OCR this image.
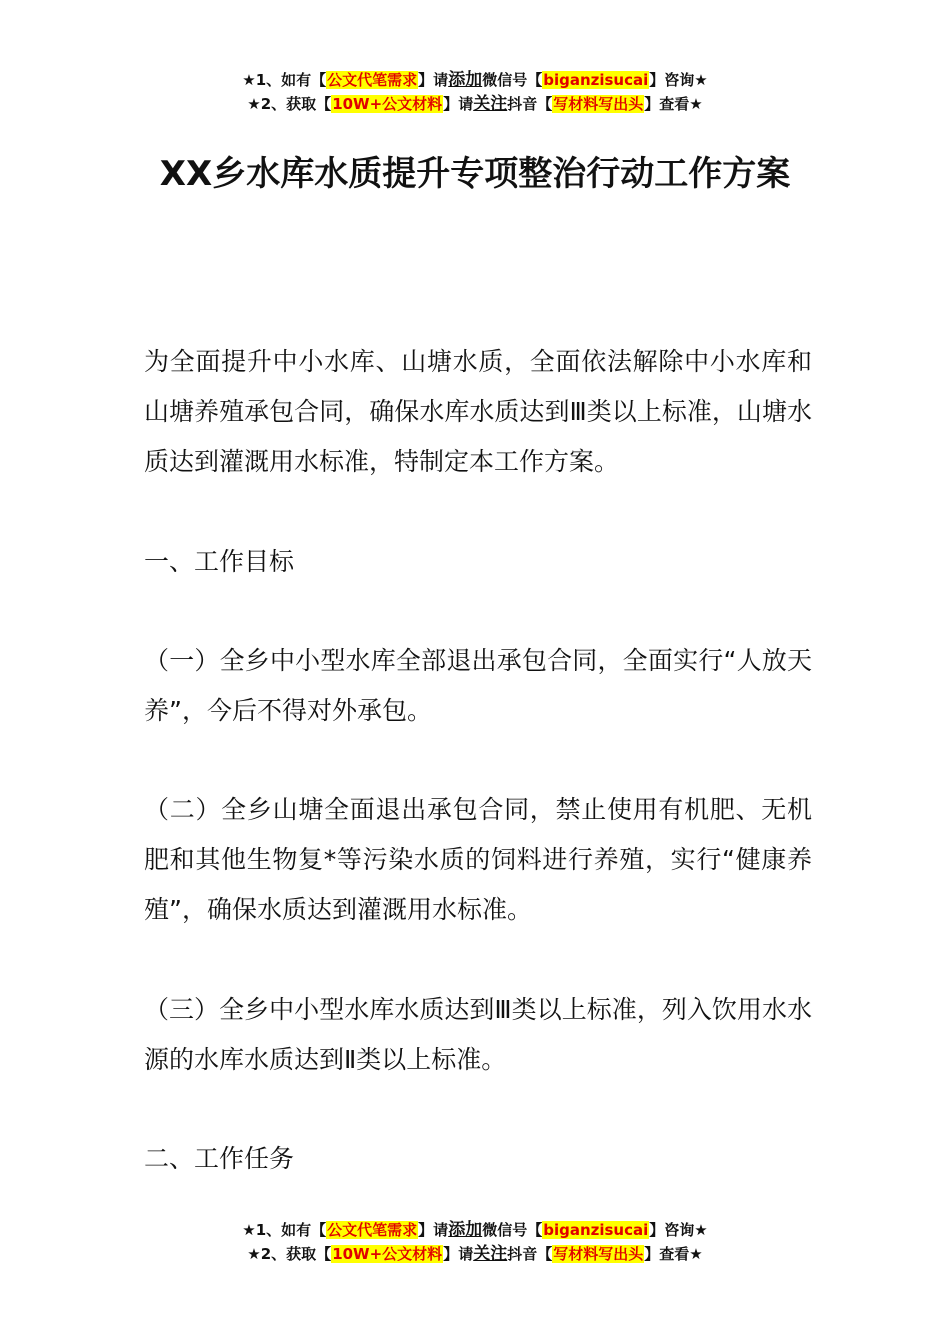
★1、如有【公文代笔需求】请添加微信号【biganzisucai】咨询★
★2、获取【10W+公文材料】请关注抖音【写材料写出头】查看★
XX乡水库水质提升专项整治行动工作方案

为全面提升中小水库、山塘水质，全面依法解除中小水库和山塘养殖承包合同，确保水库水质达到Ⅲ类以上标准，山塘水质达到灌溉用水标准，特制定本工作方案。

一、工作目标

（一）全乡中小型水库全部退出承包合同，全面实行“人放天养”，今后不得对外承包。

（二）全乡山塘全面退出承包合同，禁止使用有机肥、无机肥和其他生物复*等污染水质的饲料进行养殖，实行“健康养殖”，确保水质达到灌溉用水标准。

（三）全乡中小型水库水质达到Ⅲ类以上标准，列入饮用水水源的水库水质达到Ⅱ类以上标准。

二、工作任务

★1、如有【公文代笔需求】请添加微信号【biganzisucai】咨询★
★2、获取【10W+公文材料】请关注抖音【写材料写出头】查看★
